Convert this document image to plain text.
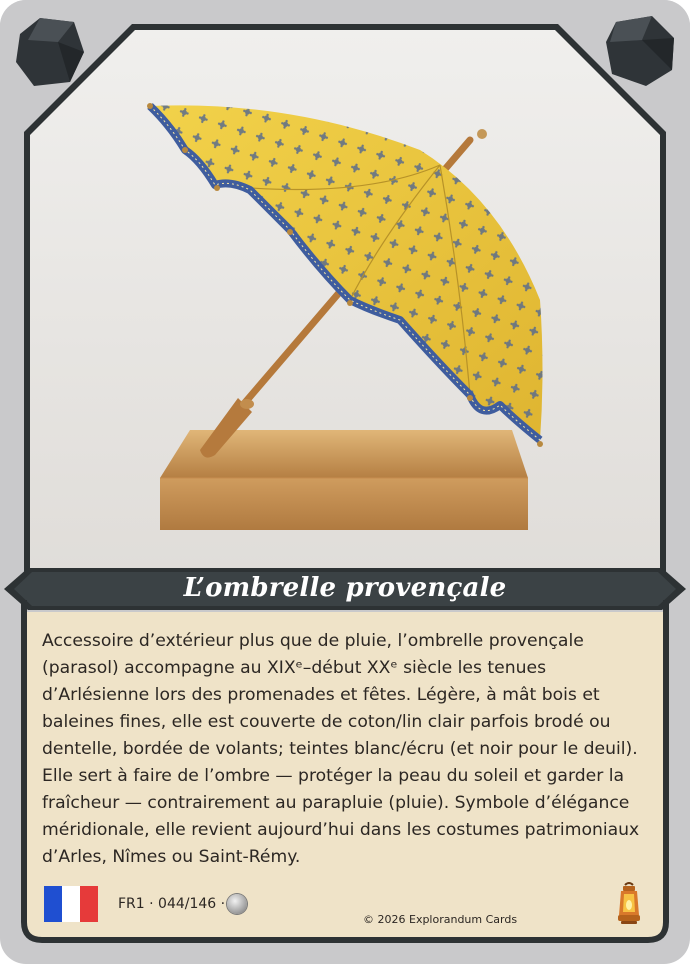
L’ombrelle provençale
Accessoire d’extérieur plus que de pluie, l’ombrelle provençale (parasol) accompagne au XIXᵉ–début XXᵉ siècle les tenues d’Arlésienne lors des promenades et fêtes. Légère, à mât bois et baleines fines, elle est couverte de coton/lin clair parfois brodé ou dentelle, bordée de volants; teintes blanc/écru (et noir pour le deuil). Elle sert à faire de l’ombre — protéger la peau du soleil et garder la fraîcheur — contrairement au parapluie (pluie). Symbole d’élégance méridionale, elle revient aujourd’hui dans les costumes patrimoniaux d’Arles, Nîmes ou Saint-Rémy.
FR1 · 044/146 ·
© 2026 Explorandum Cards
